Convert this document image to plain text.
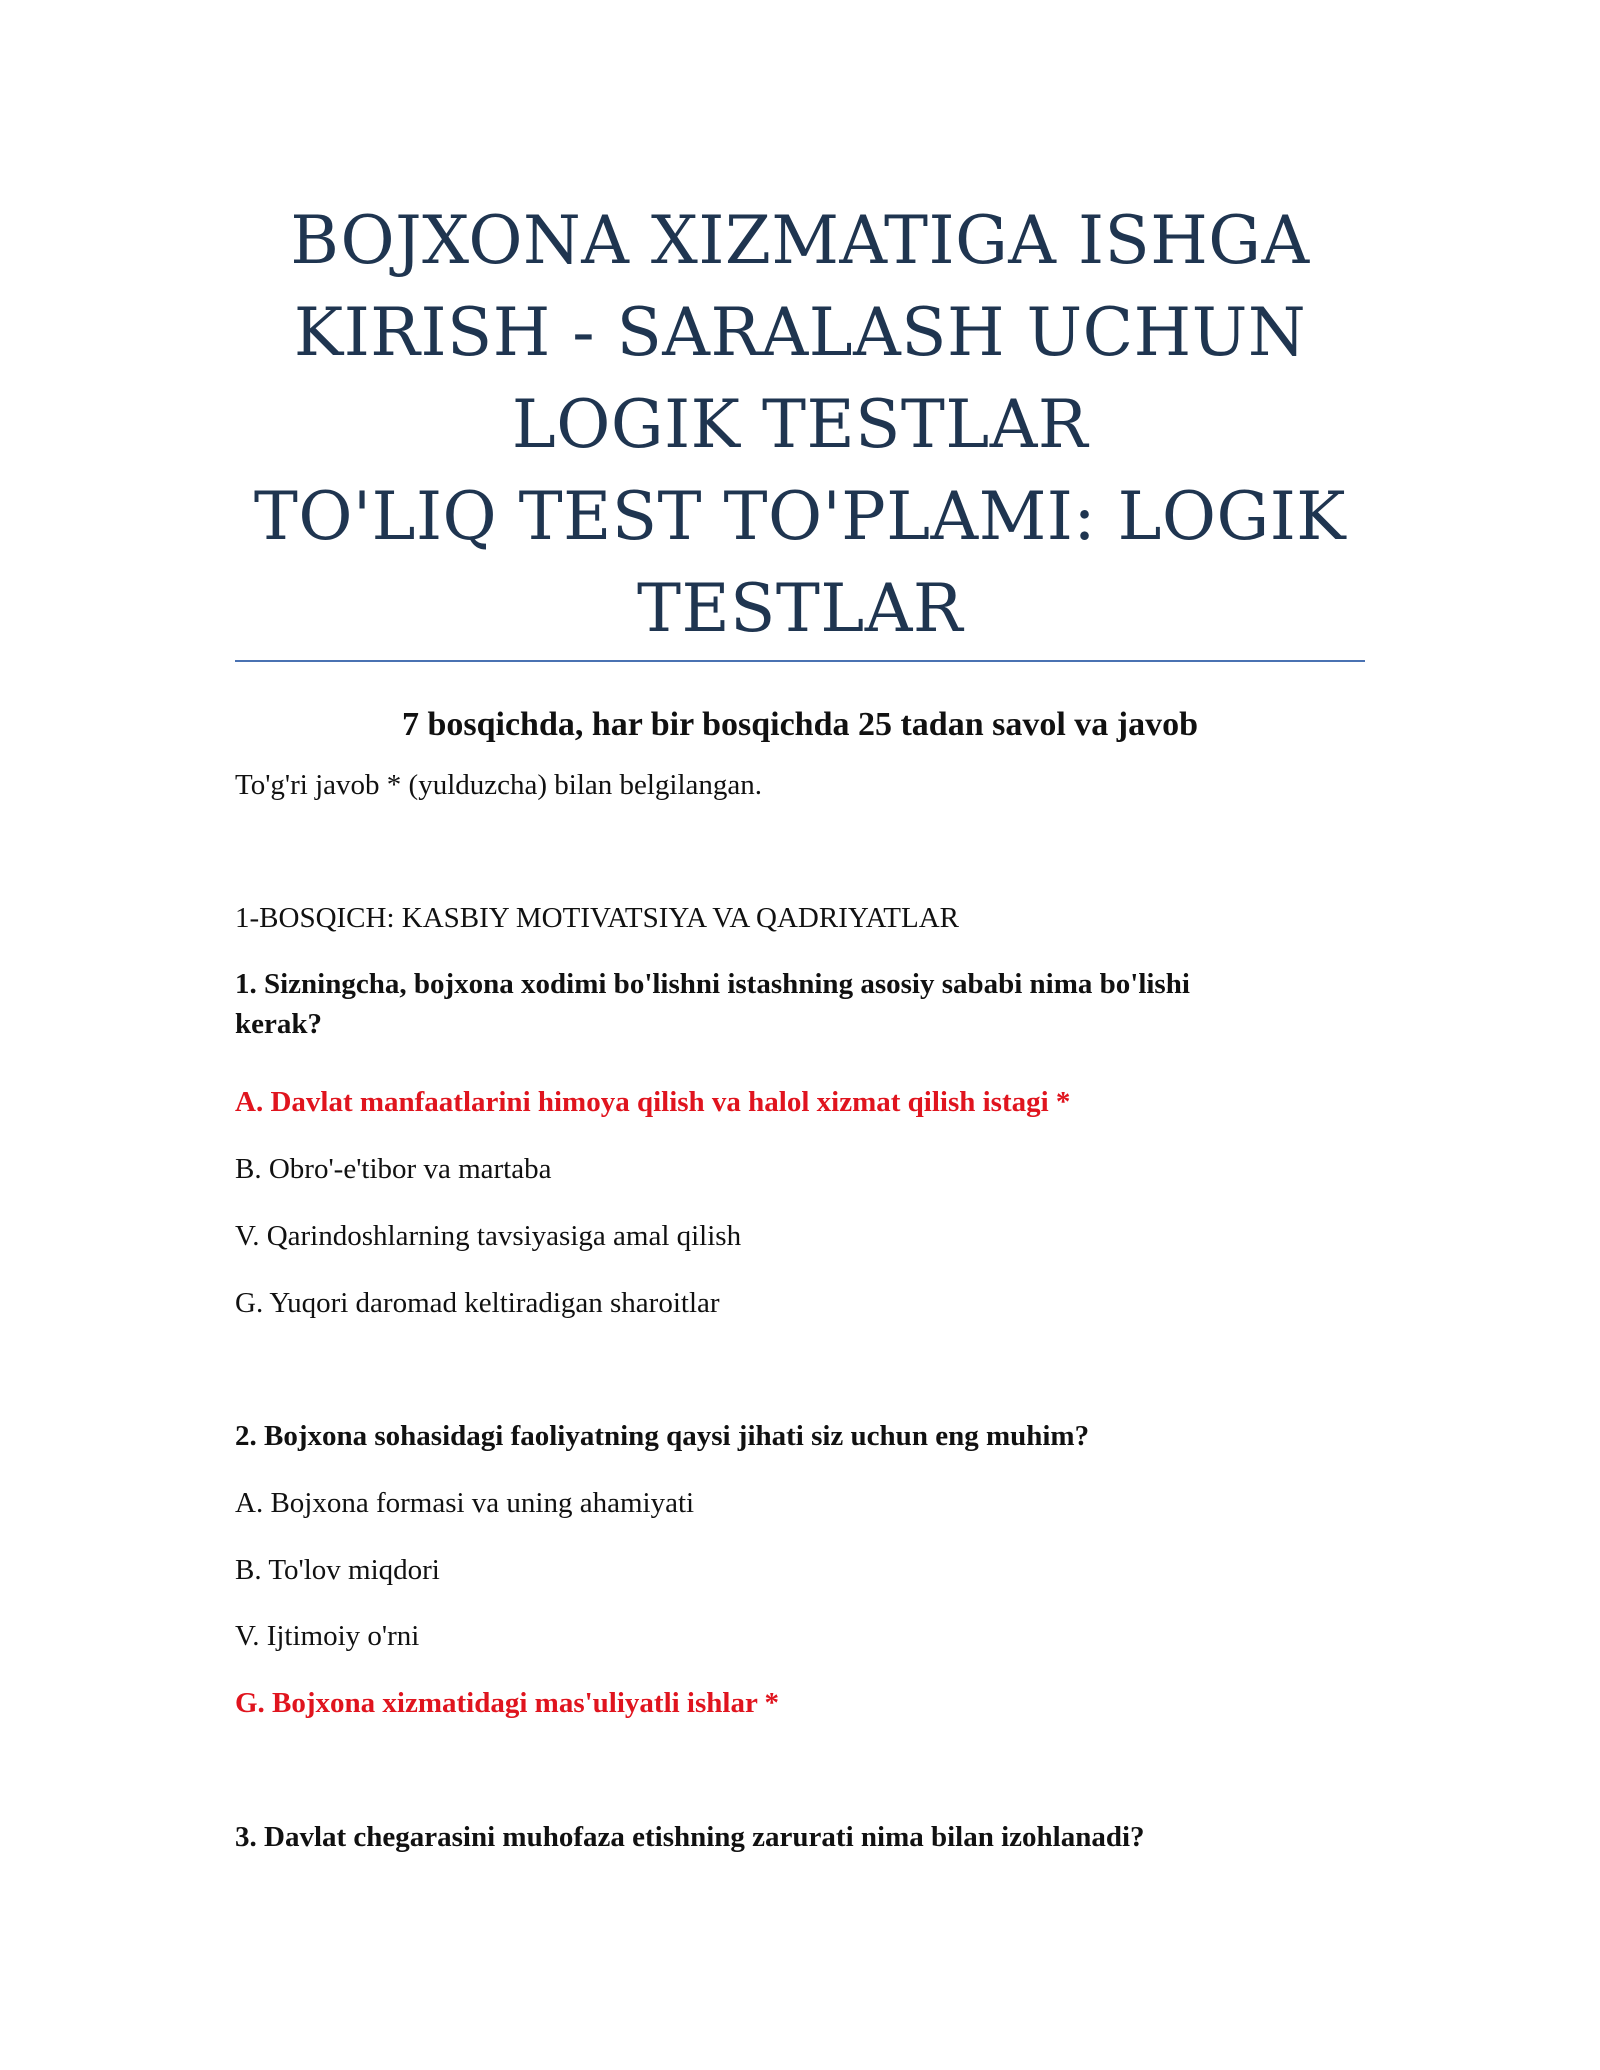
BOJXONA XIZMATIGA ISHGA
KIRISH - SARALASH UCHUN
LOGIK TESTLAR
TO'LIQ TEST TO'PLAMI: LOGIK
TESTLAR
7 bosqichda, har bir bosqichda 25 tadan savol va javob
To'g'ri javob * (yulduzcha) bilan belgilangan.
1-BOSQICH: KASBIY MOTIVATSIYA VA QADRIYATLAR
1. Sizningcha, bojxona xodimi bo'lishni istashning asosiy sababi nima bo'lishi
kerak?
A. Davlat manfaatlarini himoya qilish va halol xizmat qilish istagi *
B. Obro'-e'tibor va martaba
V. Qarindoshlarning tavsiyasiga amal qilish
G. Yuqori daromad keltiradigan sharoitlar
2. Bojxona sohasidagi faoliyatning qaysi jihati siz uchun eng muhim?
A. Bojxona formasi va uning ahamiyati
B. To'lov miqdori
V. Ijtimoiy o'rni
G. Bojxona xizmatidagi mas'uliyatli ishlar *
3. Davlat chegarasini muhofaza etishning zarurati nima bilan izohlanadi?
